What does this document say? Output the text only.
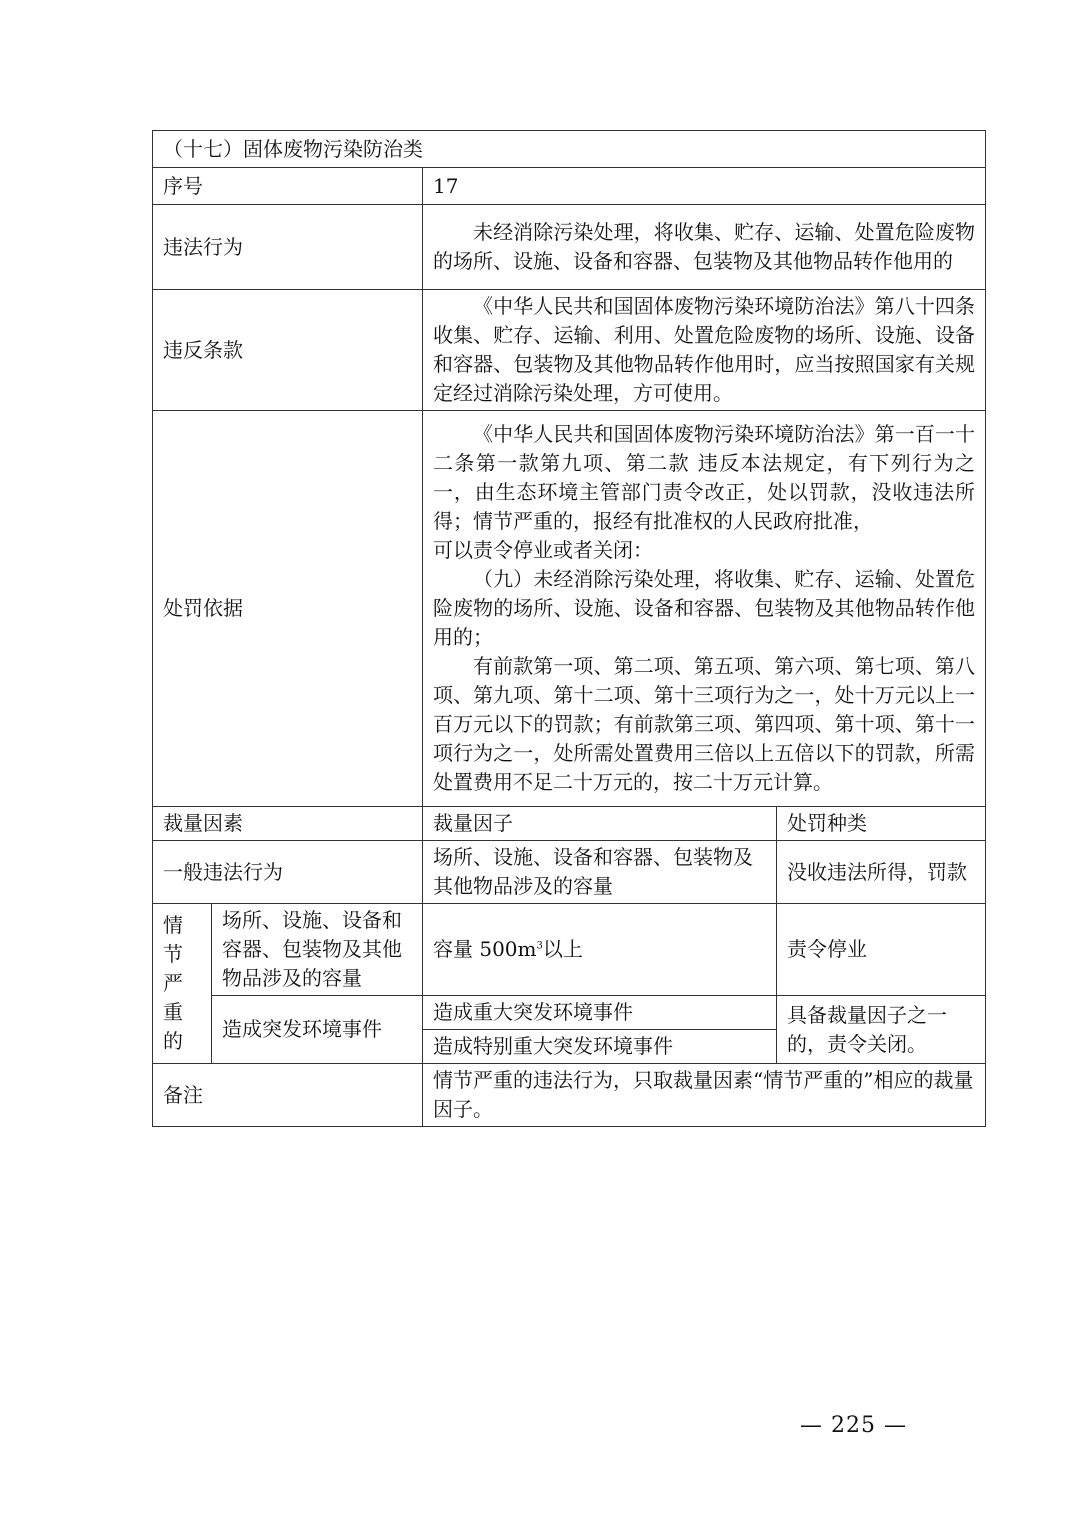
（十七）固体废物污染防治类			
序号		17	
违法行为		未经消除污染处理，将收集、贮存、运输、处置危险废物的场所、设施、设备和容器、包装物及其他物品转作他用的	

违反条款		《中华人民共和国固体废物污染环境防治法》第八十四条 收集、贮存、运输、利用、处置危险废物的场所、设施、设备和容器、包装物及其他物品转作他用时，应当按照国家有关规定经过消除污染处理，方可使用。	

处罚依据		《中华人民共和国固体废物污染环境防治法》第一百一十二条第一款第九项、第二款 违反本法规定，有下列行为之一，由生态环境主管部门责令改正，处以罚款，没收违法所得；情节严重的，报经有批准权的人民政府批准，

可以责令停业或者关闭：

（九）未经消除污染处理，将收集、贮存、运输、处置危险废物的场所、设施、设备和容器、包装物及其他物品转作他用的；

有前款第一项、第二项、第五项、第六项、第七项、第八项、第九项、第十二项、第十三项行为之一，处十万元以上一百万元以下的罚款；有前款第三项、第四项、第十项、第十一项行为之一，处所需处置费用三倍以上五倍以下的罚款，所需处置费用不足二十万元的，按二十万元计算。	

裁量因素		裁量因子	处罚种类
一般违法行为		场所、设施、设备和容器、包装物及其他物品涉及的容量	没收违法所得，罚款

情节严重的	场所、设施、设备和容器、包装物及其他物品涉及的容量	容量 $500m^3$以上	责令停业
	造成突发环境事件	造成重大突发环境事件	具备裁量因子之一的，责令关闭。
		造成特别重大突发环境事件	
备注		情节严重的违法行为，只取裁量因素“情节严重的”相应的裁量因子。	
— 225 —
